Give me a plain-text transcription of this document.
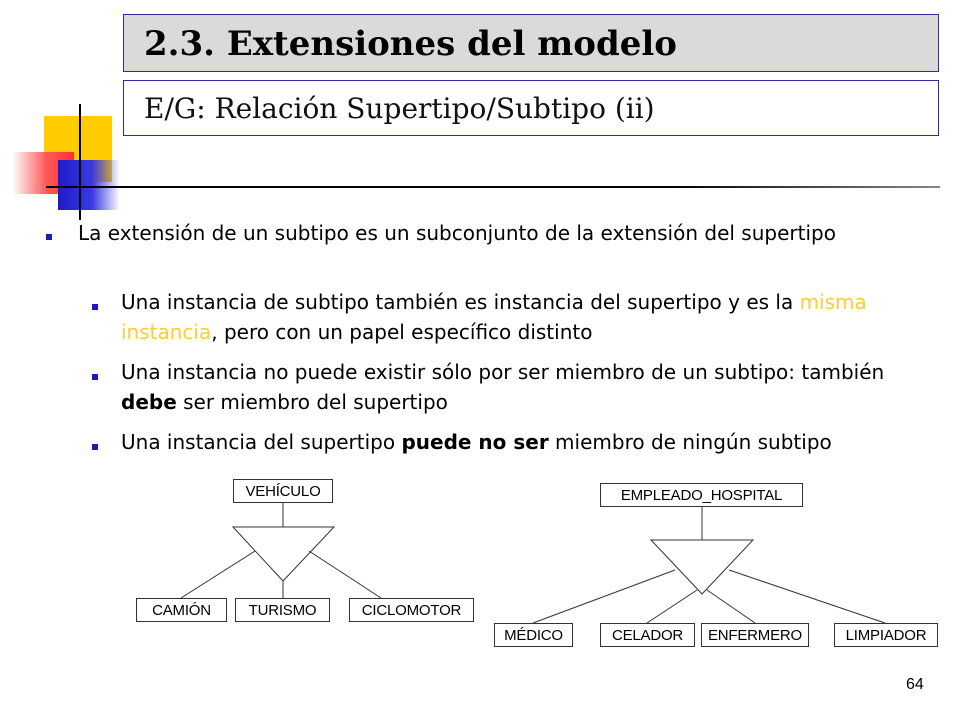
2.3. Extensiones del modelo
E/G: Relación Supertipo/Subtipo (ii)
La extensión de un subtipo es un subconjunto de la extensión del supertipo
Una instancia de subtipo también es instancia del supertipo y es la misma instancia, pero con un papel específico distinto
Una instancia no puede existir sólo por ser miembro de un subtipo: también debe ser miembro del supertipo
Una instancia del supertipo puede no ser miembro de ningún subtipo
VEHÍCULO
CAMIÓN	TURISMO	CICLOMOTOR
EMPLEADO_HOSPITAL
MÉDICO	CELADOR	ENFERMERO	LIMPIADOR
64
